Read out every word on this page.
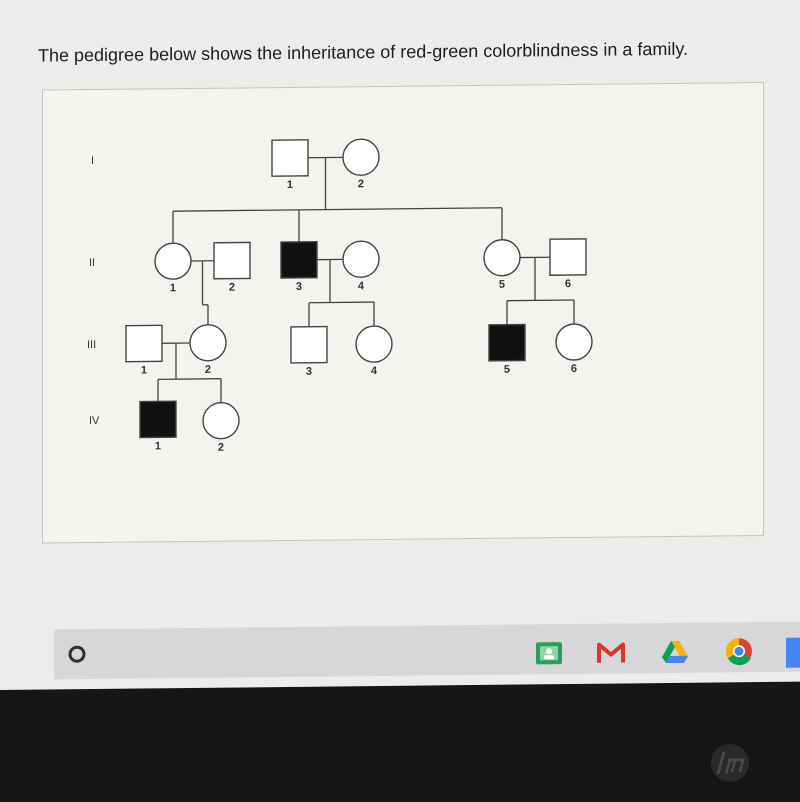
The pedigree below shows the inheritance of red-green colorblindness in a family.
I
II
III
IV
1	2
1	2	3	4	5	6
1	2	3	4	5	6
1	2
